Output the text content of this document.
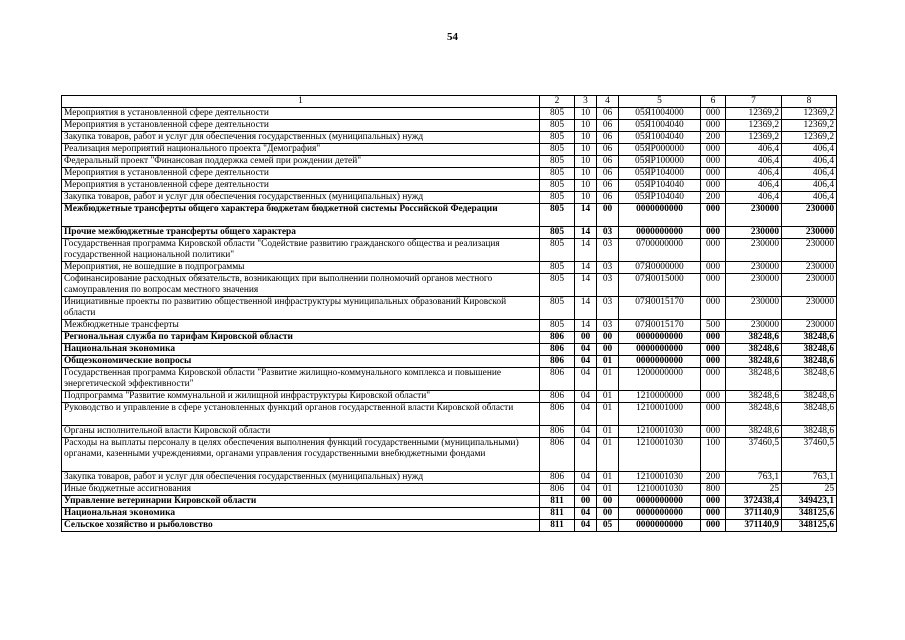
54
1	2	3	4	5	6	7	8
Мероприятия в установленной сфере деятельности	805	10	06	05Я1004000	000	12369,2	12369,2
Мероприятия в установленной сфере деятельности	805	10	06	05Я1004040	000	12369,2	12369,2
Закупка товаров, работ и услуг для обеспечения государственных (муниципальных) нужд	805	10	06	05Я1004040	200	12369,2	12369,2
Реализация мероприятий национального проекта "Демография"	805	10	06	05ЯР000000	000	406,4	406,4
Федеральный проект "Финансовая поддержка семей при рождении детей"	805	10	06	05ЯР100000	000	406,4	406,4
Мероприятия в установленной сфере деятельности	805	10	06	05ЯР104000	000	406,4	406,4
Мероприятия в установленной сфере деятельности	805	10	06	05ЯР104040	000	406,4	406,4
Закупка товаров, работ и услуг для обеспечения государственных (муниципальных) нужд	805	10	06	05ЯР104040	200	406,4	406,4
Межбюджетные трансферты общего характера бюджетам бюджетной системы Российской Федерации	805	14	00	0000000000	000	230000	230000
Прочие межбюджетные трансферты общего характера	805	14	03	0000000000	000	230000	230000
Государственная программа Кировской области "Содействие развитию гражданского общества и реализация государственной национальной политики"	805	14	03	0700000000	000	230000	230000
Мероприятия, не вошедшие в подпрограммы	805	14	03	07Я0000000	000	230000	230000
Софинансирование расходных обязательств, возникающих при выполнении полномочий органов местного самоуправления по вопросам местного значения	805	14	03	07Я0015000	000	230000	230000
Инициативные проекты по развитию общественной инфраструктуры муниципальных образований Кировской области	805	14	03	07Я0015170	000	230000	230000
Межбюджетные трансферты	805	14	03	07Я0015170	500	230000	230000
Региональная служба по тарифам Кировской области	806	00	00	0000000000	000	38248,6	38248,6
Национальная экономика	806	04	00	0000000000	000	38248,6	38248,6
Общеэкономические вопросы	806	04	01	0000000000	000	38248,6	38248,6
Государственная программа Кировской области "Развитие жилищно-коммунального комплекса и повышение энергетической эффективности"	806	04	01	1200000000	000	38248,6	38248,6
Подпрограмма "Развитие коммунальной и жилищной инфраструктуры Кировской области"	806	04	01	1210000000	000	38248,6	38248,6
Руководство и управление в сфере установленных функций органов государственной власти Кировской области	806	04	01	1210001000	000	38248,6	38248,6
Органы исполнительной власти Кировской области	806	04	01	1210001030	000	38248,6	38248,6
Расходы на выплаты персоналу в целях обеспечения выполнения функций государственными (муниципальными) органами, казенными учреждениями, органами управления государственными внебюджетными фондами	806	04	01	1210001030	100	37460,5	37460,5
Закупка товаров, работ и услуг для обеспечения государственных (муниципальных) нужд	806	04	01	1210001030	200	763,1	763,1
Иные бюджетные ассигнования	806	04	01	1210001030	800	25	25
Управление ветеринарии Кировской области	811	00	00	0000000000	000	372438,4	349423,1
Национальная экономика	811	04	00	0000000000	000	371140,9	348125,6
Сельское хозяйство и рыболовство	811	04	05	0000000000	000	371140,9	348125,6
